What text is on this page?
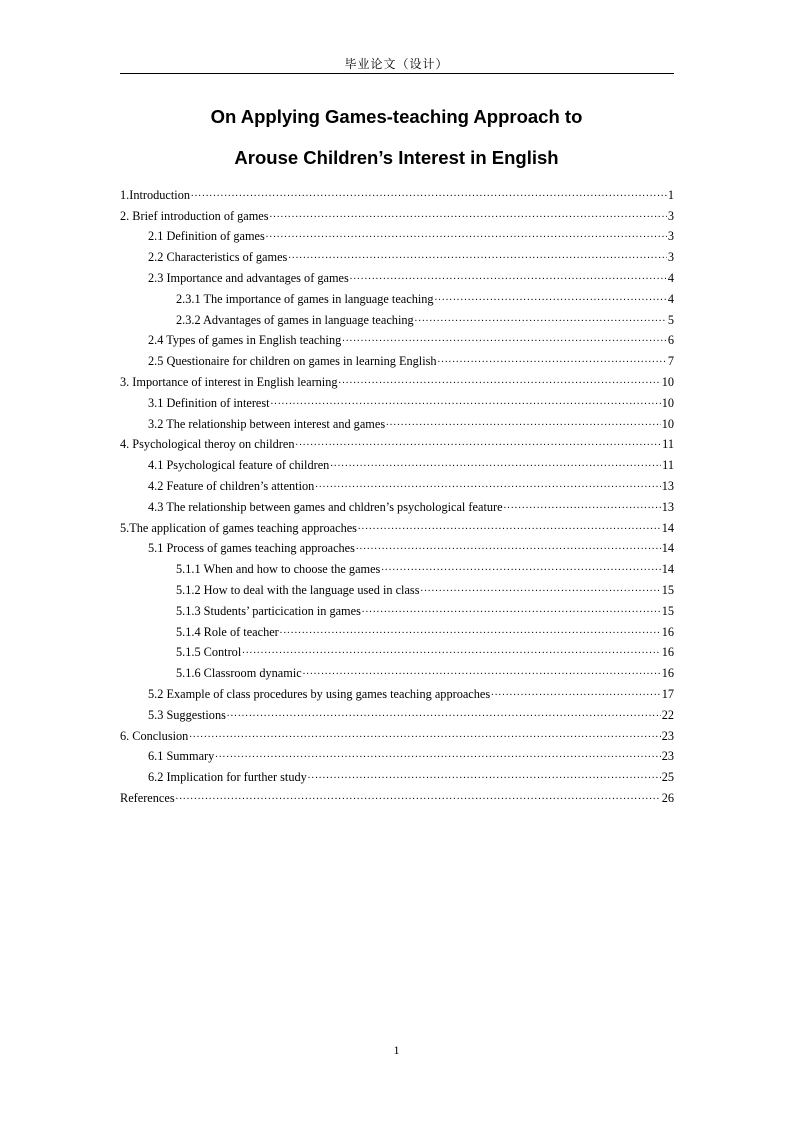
毕业论文（设计）
On Applying Games-teaching Approach to
Arouse Children’s Interest in English
1.Introduction .....	1
2. Brief introduction of games .....	3
2.1 Definition of games .....	3
2.2 Characteristics of games .....	3
2.3 Importance and advantages of games .....	4
2.3.1 The importance of games in language teaching .....	4
2.3.2 Advantages of games in language teaching .....	5
2.4 Types of games in English teaching .....	6
2.5 Questionaire for children on games in learning English .....	7
3. Importance of interest in English learning .....	10
3.1 Definition of interest .....	10
3.2 The relationship between interest and games .....	10
4. Psychological theroy on children .....	11
4.1 Psychological feature of children .....	11
4.2 Feature of children’s attention .....	13
4.3 The relationship between games and chldren’s psychological feature .....	13
5.The application of games teaching approaches .....	14
5.1 Process of games teaching approaches .....	14
5.1.1 When and how to choose the games .....	14
5.1.2 How to deal with the language used in class .....	15
5.1.3 Students’ particication in games .....	15
5.1.4 Role of teacher .....	16
5.1.5 Control .....	16
5.1.6 Classroom dynamic .....	16
5.2 Example of class procedures by using games teaching approaches .....	17
5.3 Suggestions .....	22
6. Conclusion .....	23
6.1 Summary .....	23
6.2 Implication for further study .....	25
References .....	26
1
